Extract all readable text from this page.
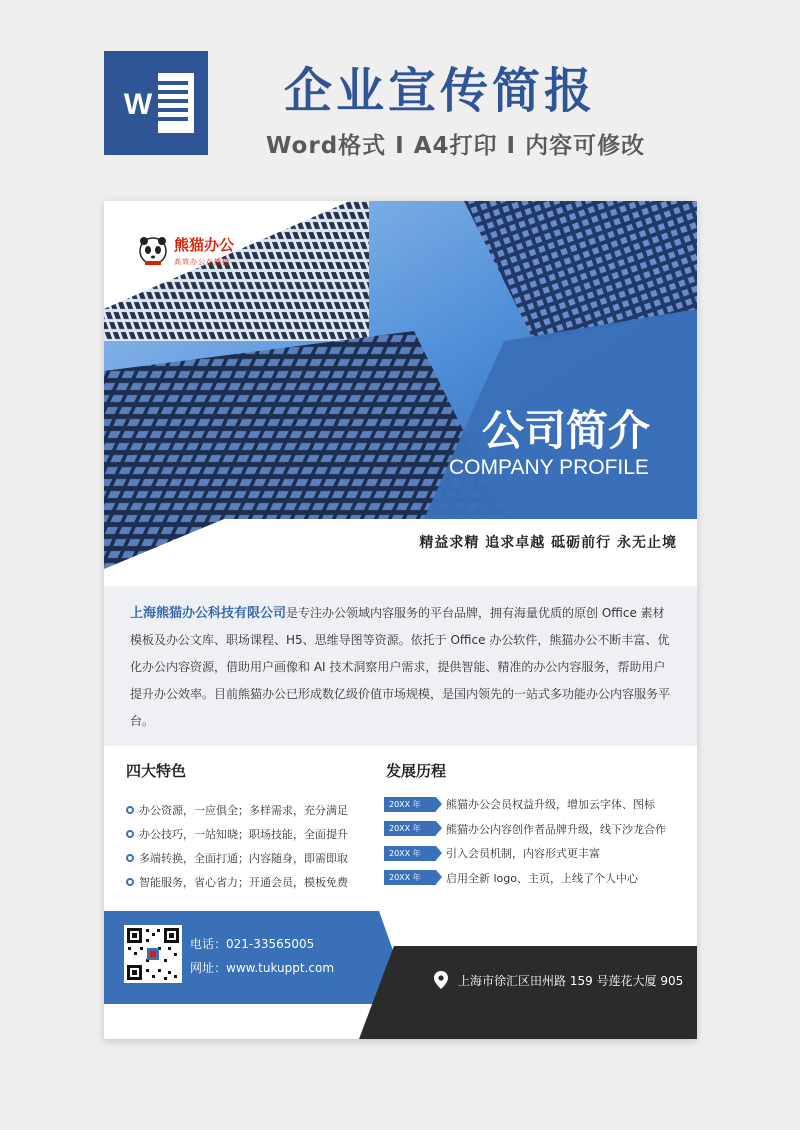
W	企业宣传简报
Word格式 I A4打印 I 内容可修改
熊猫办公
高效办公在熊猫
公司简介
COMPANY PROFILE
精益求精 追求卓越 砥砺前行 永无止境
上海熊猫办公科技有限公司是专注办公领域内容服务的平台品牌，拥有海量优质的原创 Office 素材模板及办公文库、职场课程、H5、思维导图等资源。依托于 Office 办公软件，熊猫办公不断丰富、优化办公内容资源，借助用户画像和 AI 技术洞察用户需求，提供智能、精准的办公内容服务，帮助用户提升办公效率。目前熊猫办公已形成数亿级价值市场规模，是国内领先的一站式多功能办公内容服务平台。
四大特色
办公资源，一应俱全；多样需求，充分满足
办公技巧，一站知晓；职场技能，全面提升
多端转换，全面打通；内容随身，即需即取
智能服务，省心省力；开通会员，模板免费
发展历程
20XX 年	熊猫办公会员权益升级，增加云字体、图标
20XX 年	熊猫办公内容创作者品牌升级，线下沙龙合作
20XX 年	引入会员机制，内容形式更丰富
20XX 年	启用全新 logo、主页，上线了个人中心
电话：021-33565005
网址：www.tukuppt.com
上海市徐汇区田州路 159 号莲花大厦 905
